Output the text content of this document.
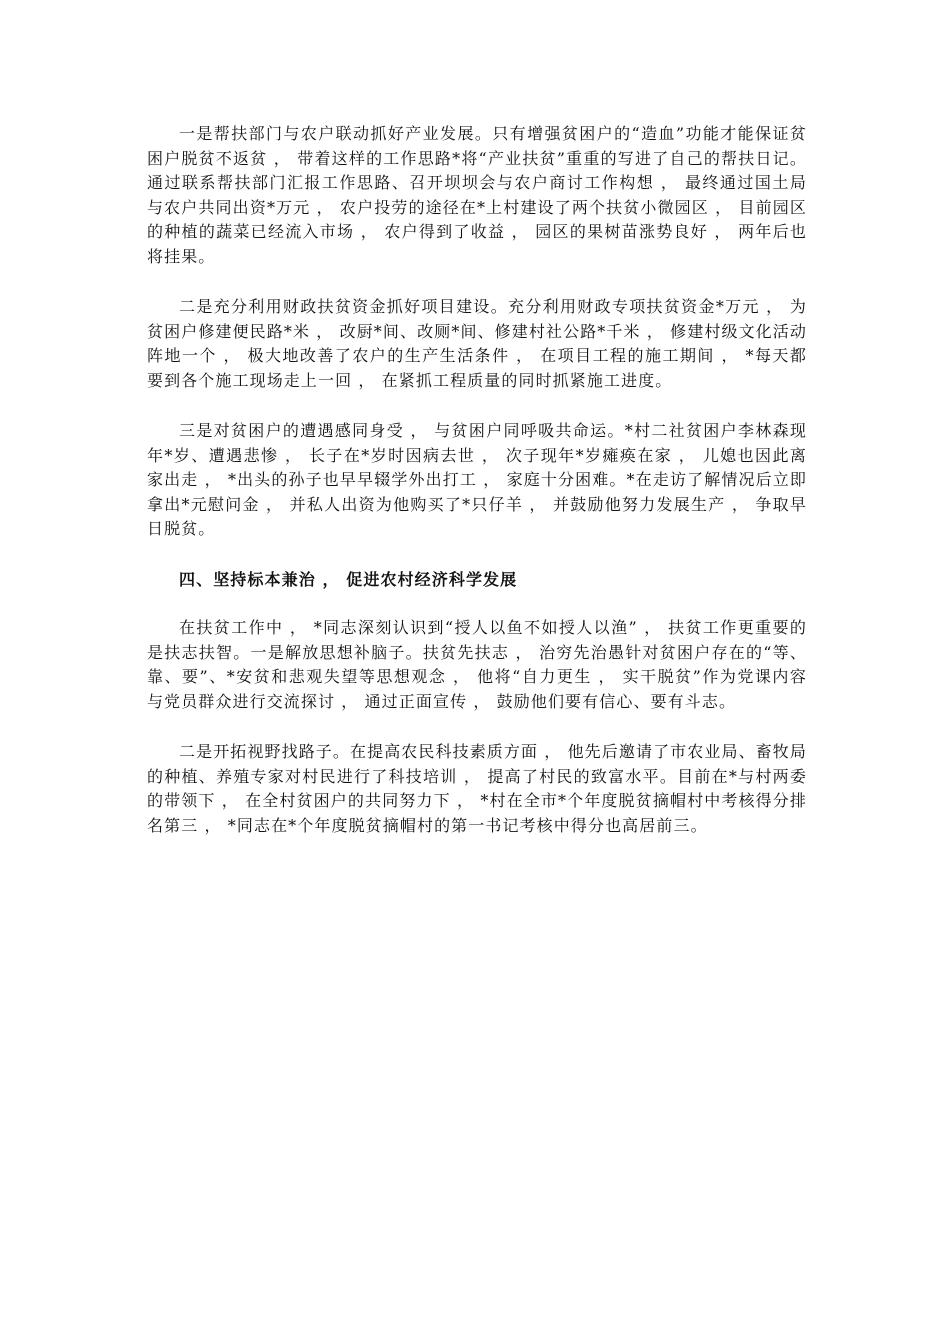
一是帮扶部门与农户联动抓好产业发展。只有增强贫困户的“造血”功能才能保证贫困户脱贫不返贫 ， 带着这样的工作思路*将“产业扶贫”重重的写进了自己的帮扶日记。通过联系帮扶部门汇报工作思路、召开坝坝会与农户商讨工作构想 ， 最终通过国土局与农户共同出资*万元 ， 农户投劳的途径在*上村建设了两个扶贫小微园区 ， 目前园区的种植的蔬菜已经流入市场 ， 农户得到了收益 ， 园区的果树苗涨势良好 ， 两年后也将挂果。

二是充分利用财政扶贫资金抓好项目建设。充分利用财政专项扶贫资金*万元 ， 为贫困户修建便民路*米 ， 改厨*间、改厕*间、修建村社公路*千米 ， 修建村级文化活动阵地一个 ， 极大地改善了农户的生产生活条件 ， 在项目工程的施工期间 ， *每天都要到各个施工现场走上一回 ， 在紧抓工程质量的同时抓紧施工进度。

三是对贫困户的遭遇感同身受 ， 与贫困户同呼吸共命运。*村二社贫困户李林森现年*岁、遭遇悲惨 ， 长子在*岁时因病去世 ， 次子现年*岁瘫痪在家 ， 儿媳也因此离家出走 ， *出头的孙子也早早辍学外出打工 ， 家庭十分困难。*在走访了解情况后立即拿出*元慰问金 ， 并私人出资为他购买了*只仔羊 ， 并鼓励他努力发展生产 ， 争取早日脱贫。

四、坚持标本兼治 ， 促进农村经济科学发展

在扶贫工作中 ， *同志深刻认识到“授人以鱼不如授人以渔” ， 扶贫工作更重要的是扶志扶智。一是解放思想补脑子。扶贫先扶志 ， 治穷先治愚针对贫困户存在的“等、靠、要”、*安贫和悲观失望等思想观念 ， 他将“自力更生 ， 实干脱贫”作为党课内容与党员群众进行交流探讨 ， 通过正面宣传 ， 鼓励他们要有信心、要有斗志。

二是开拓视野找路子。在提高农民科技素质方面 ， 他先后邀请了市农业局、畜牧局的种植、养殖专家对村民进行了科技培训 ， 提高了村民的致富水平。目前在*与村两委的带领下 ， 在全村贫困户的共同努力下 ， *村在全市*个年度脱贫摘帽村中考核得分排名第三 ， *同志在*个年度脱贫摘帽村的第一书记考核中得分也高居前三。
